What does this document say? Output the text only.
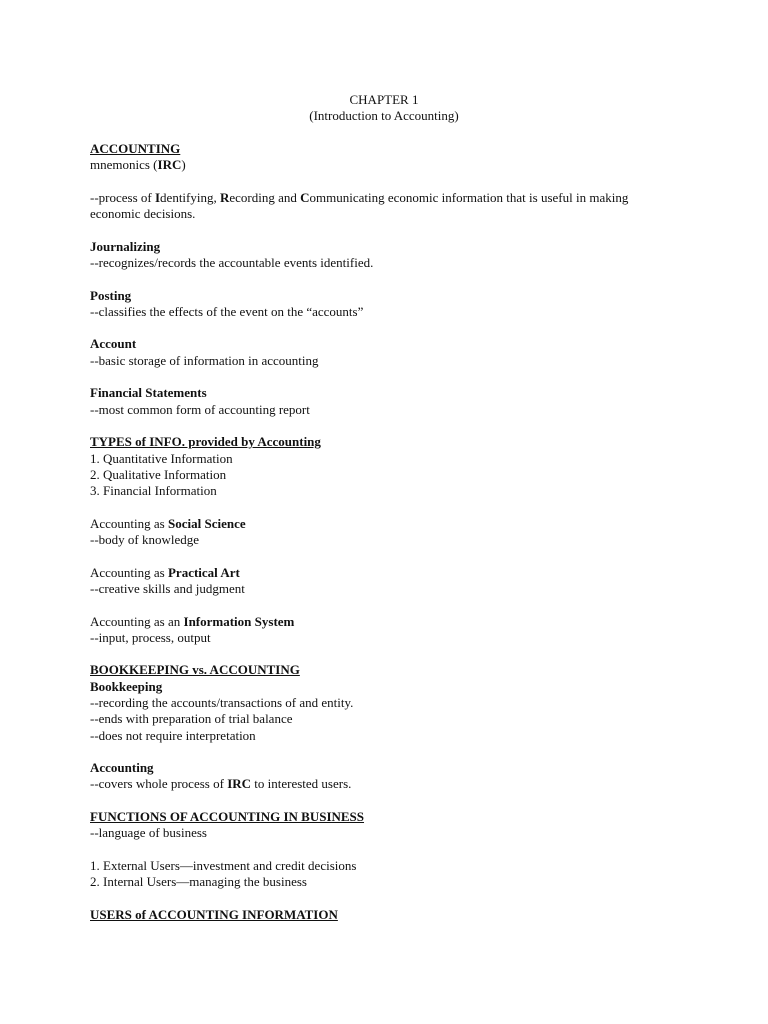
CHAPTER 1
(Introduction to Accounting)
ACCOUNTING
mnemonics (IRC)
--process of Identifying, Recording and Communicating economic information that is useful in making economic decisions.
Journalizing
--recognizes/records the accountable events identified.
Posting
--classifies the effects of the event on the “accounts”
Account
--basic storage of information in accounting
Financial Statements
--most common form of accounting report
TYPES of INFO. provided by Accounting
1. Quantitative Information
2. Qualitative Information
3. Financial Information
Accounting as Social Science
--body of knowledge
Accounting as Practical Art
--creative skills and judgment
Accounting as an Information System
--input, process, output
BOOKKEEPING vs. ACCOUNTING
Bookkeeping
--recording the accounts/transactions of and entity.
--ends with preparation of trial balance
--does not require interpretation
Accounting
--covers whole process of IRC to interested users.
FUNCTIONS OF ACCOUNTING IN BUSINESS
--language of business
1. External Users—investment and credit decisions
2. Internal Users—managing the business
USERS of ACCOUNTING INFORMATION
